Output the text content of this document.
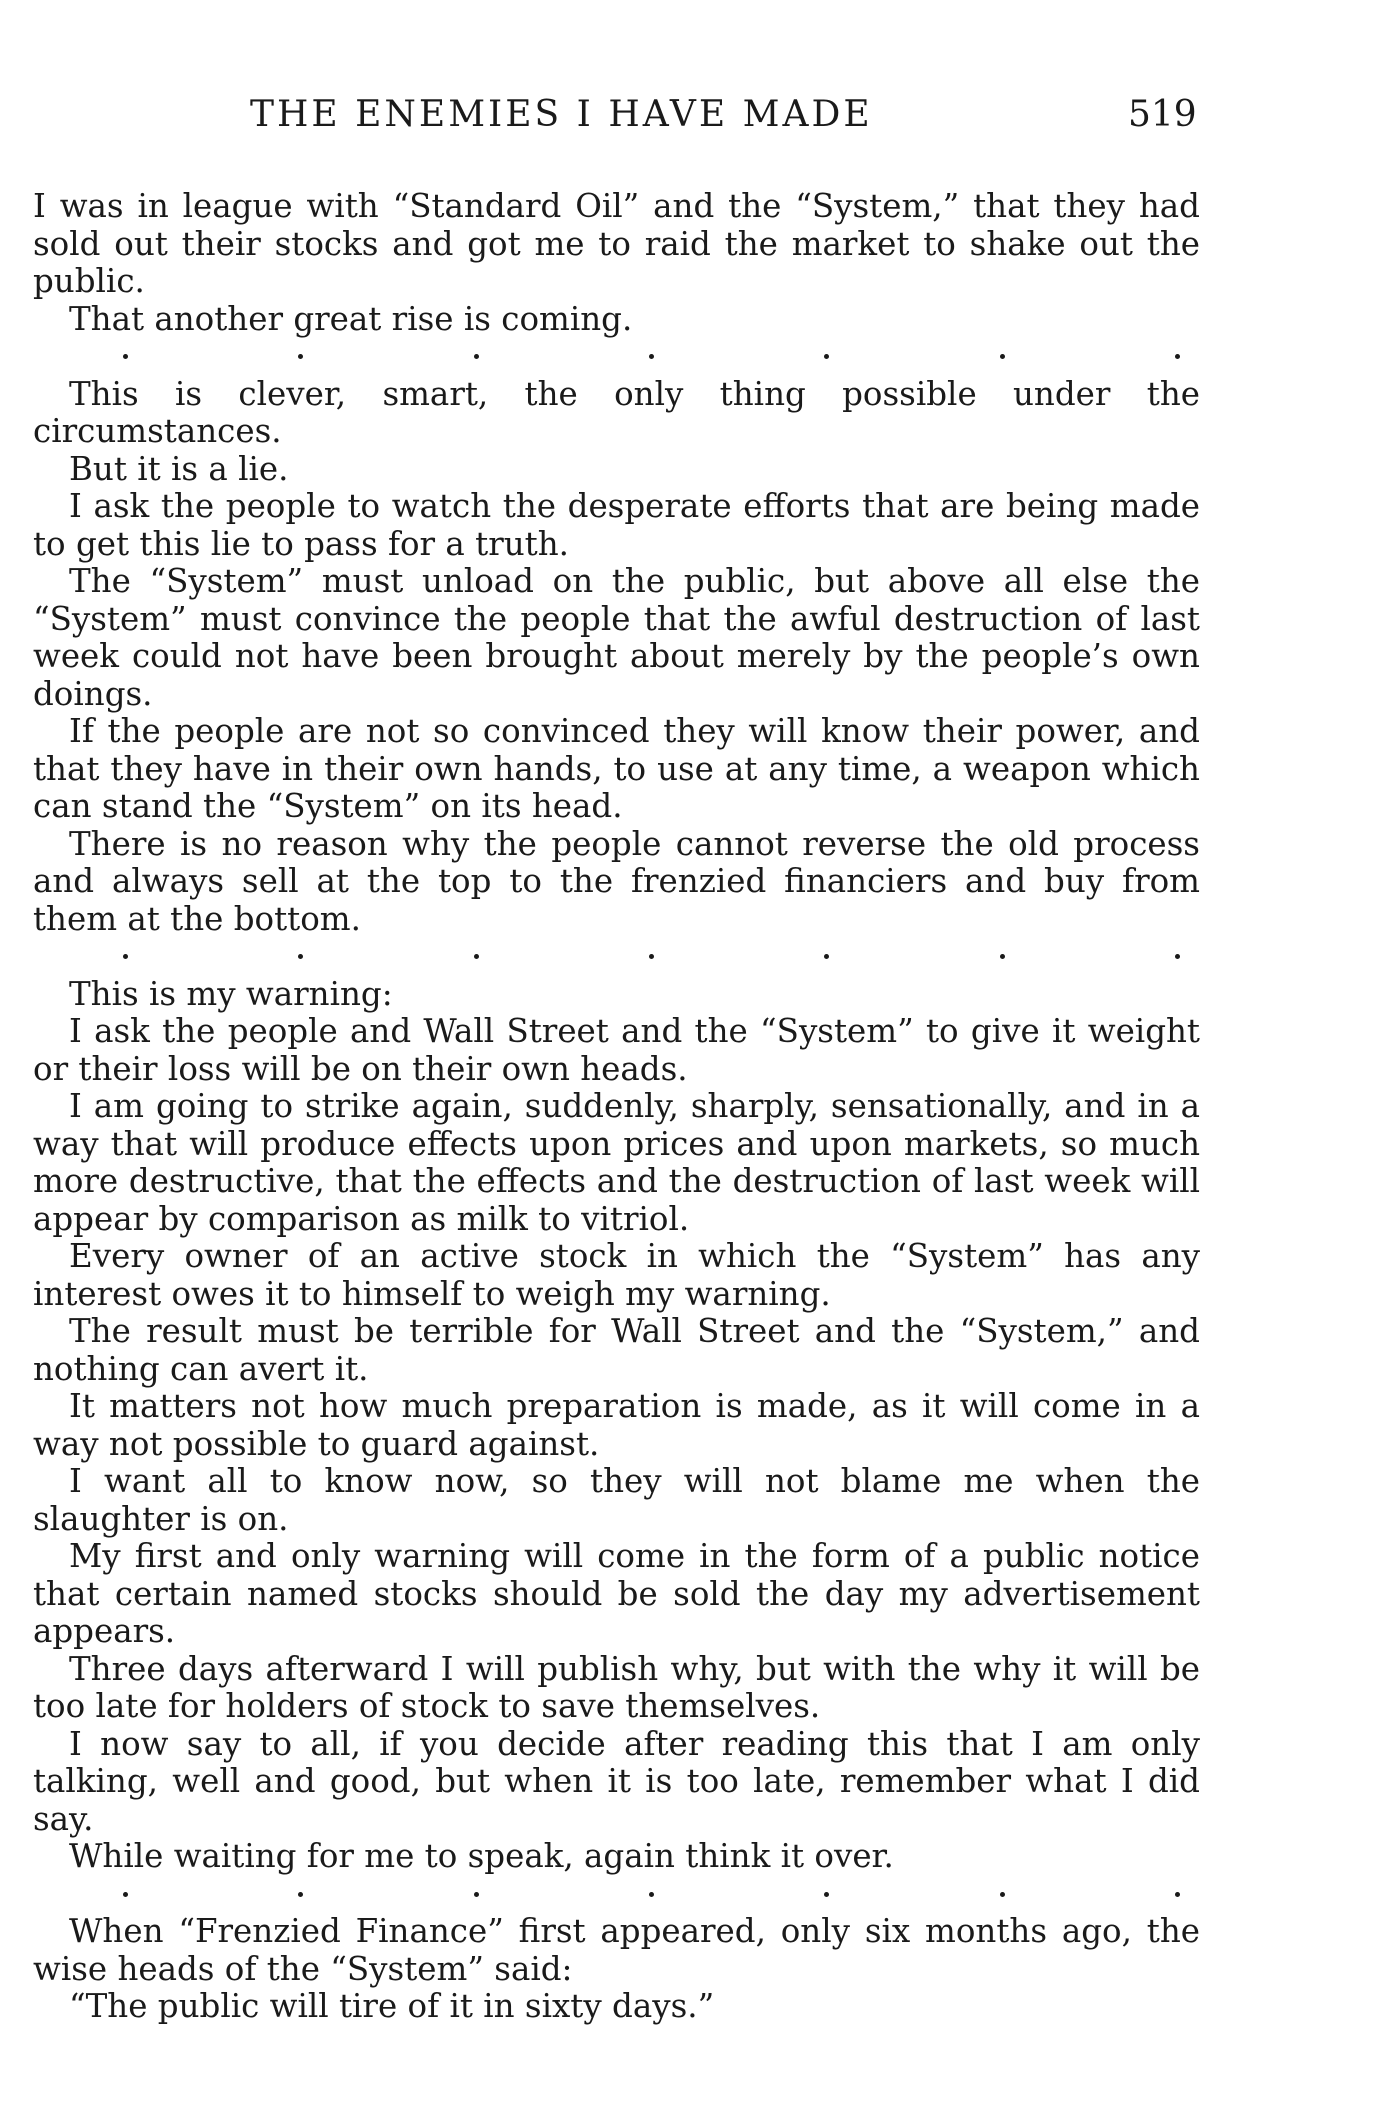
THE ENEMIES I HAVE MADE	519

I was in league with “Standard Oil” and the “System,” that they had sold out their stocks and got me to raid the market to shake out the public.

That another great rise is coming.

This is clever, smart, the only thing possible under the circumstances.

But it is a lie.

I ask the people to watch the desperate efforts that are being made to get this lie to pass for a truth.

The “System” must unload on the public, but above all else the “System” must convince the people that the awful destruction of last week could not have been brought about merely by the people’s own doings.

If the people are not so convinced they will know their power, and that they have in their own hands, to use at any time, a weapon which can stand the “System” on its head.

There is no reason why the people cannot reverse the old process and always sell at the top to the frenzied financiers and buy from them at the bottom.

This is my warning:

I ask the people and Wall Street and the “System” to give it weight or their loss will be on their own heads.

I am going to strike again, suddenly, sharply, sensationally, and in a way that will produce effects upon prices and upon markets, so much more destructive, that the effects and the destruction of last week will appear by comparison as milk to vitriol.

Every owner of an active stock in which the “System” has any interest owes it to himself to weigh my warning.

The result must be terrible for Wall Street and the “System,” and nothing can avert it.

It matters not how much preparation is made, as it will come in a way not possible to guard against.

I want all to know now, so they will not blame me when the slaughter is on.

My first and only warning will come in the form of a public notice that certain named stocks should be sold the day my advertisement appears.

Three days afterward I will publish why, but with the why it will be too late for holders of stock to save themselves.

I now say to all, if you decide after reading this that I am only talking, well and good, but when it is too late, remember what I did say.

While waiting for me to speak, again think it over.

When “Frenzied Finance” first appeared, only six months ago, the wise heads of the “System” said:

“The public will tire of it in sixty days.”
